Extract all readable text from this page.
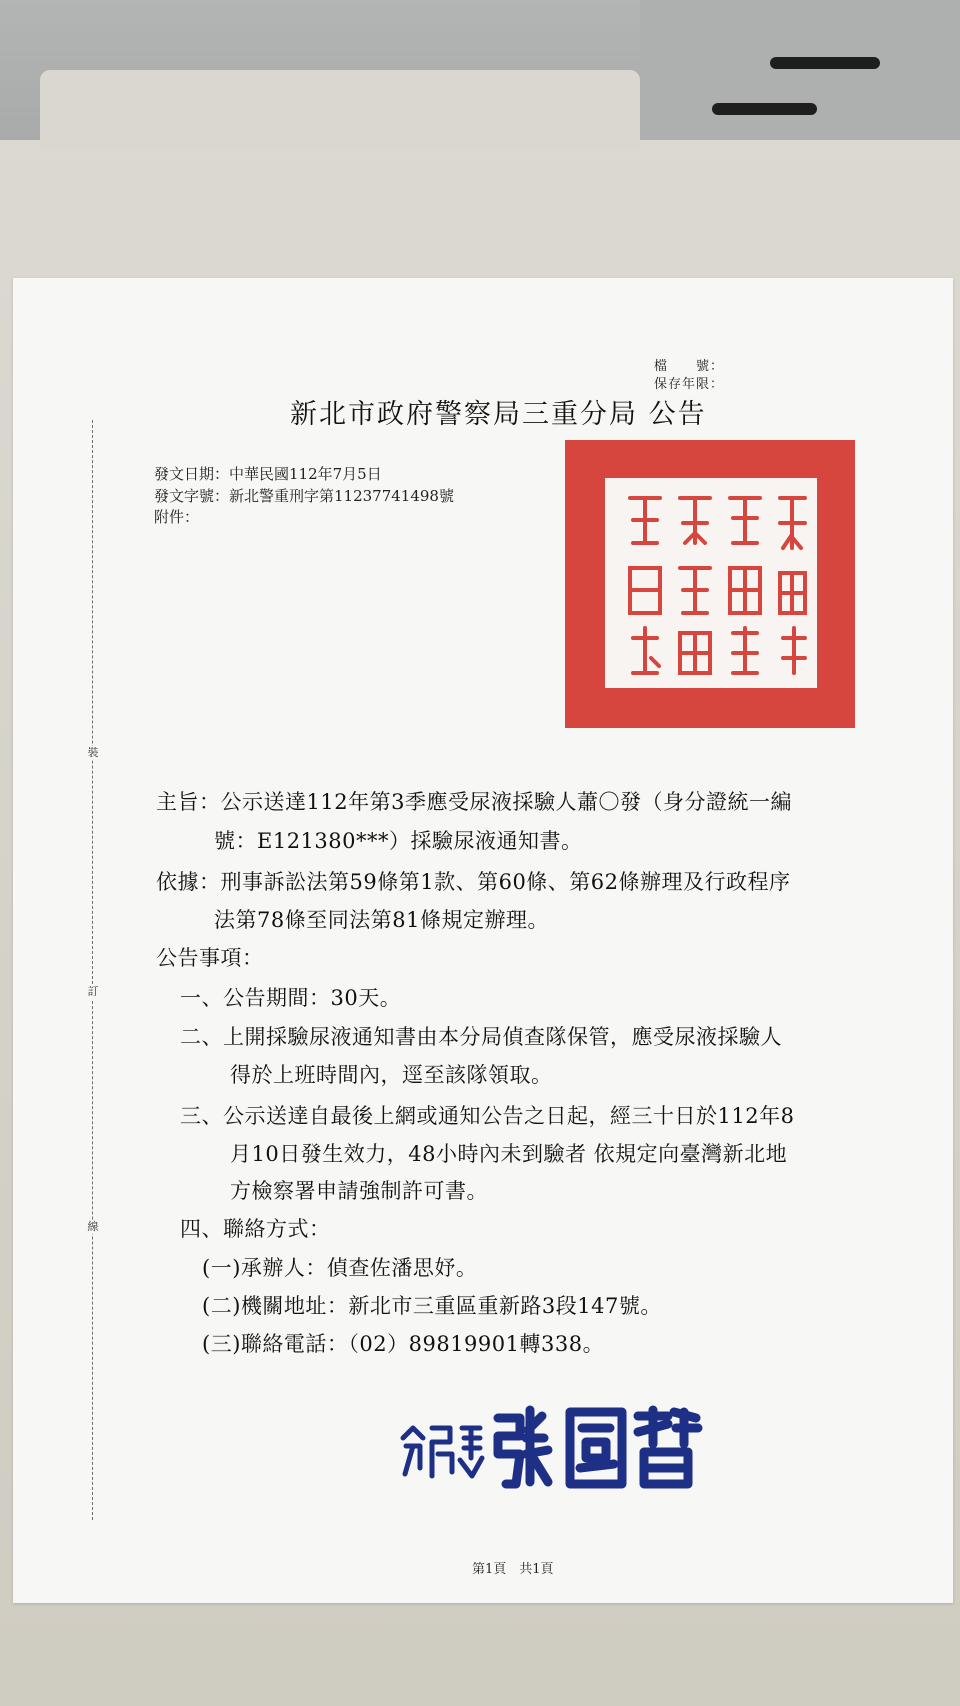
裝
訂
線
檔　　號：
保存年限：
新北市政府警察局三重分局 公告
發文日期：中華民國112年7月5日
發文字號：新北警重刑字第11237741498號
附件：
主旨：公示送達112年第3季應受尿液採驗人蕭〇發（身分證統一編
號：E121380***）採驗尿液通知書。
依據：刑事訴訟法第59條第1款、第60條、第62條辦理及行政程序
法第78條至同法第81條規定辦理。
公告事項：
一、公告期間：30天。
二、上開採驗尿液通知書由本分局偵查隊保管，應受尿液採驗人
得於上班時間內，逕至該隊領取。
三、公示送達自最後上網或通知公告之日起，經三十日於112年8
月10日發生效力，48小時內未到驗者 依規定向臺灣新北地
方檢察署申請強制許可書。
四、聯絡方式：
(一)承辦人：偵查佐潘思妤。
(二)機關地址：新北市三重區重新路3段147號。
(三)聯絡電話：（02）89819901轉338。
第1頁　共1頁
